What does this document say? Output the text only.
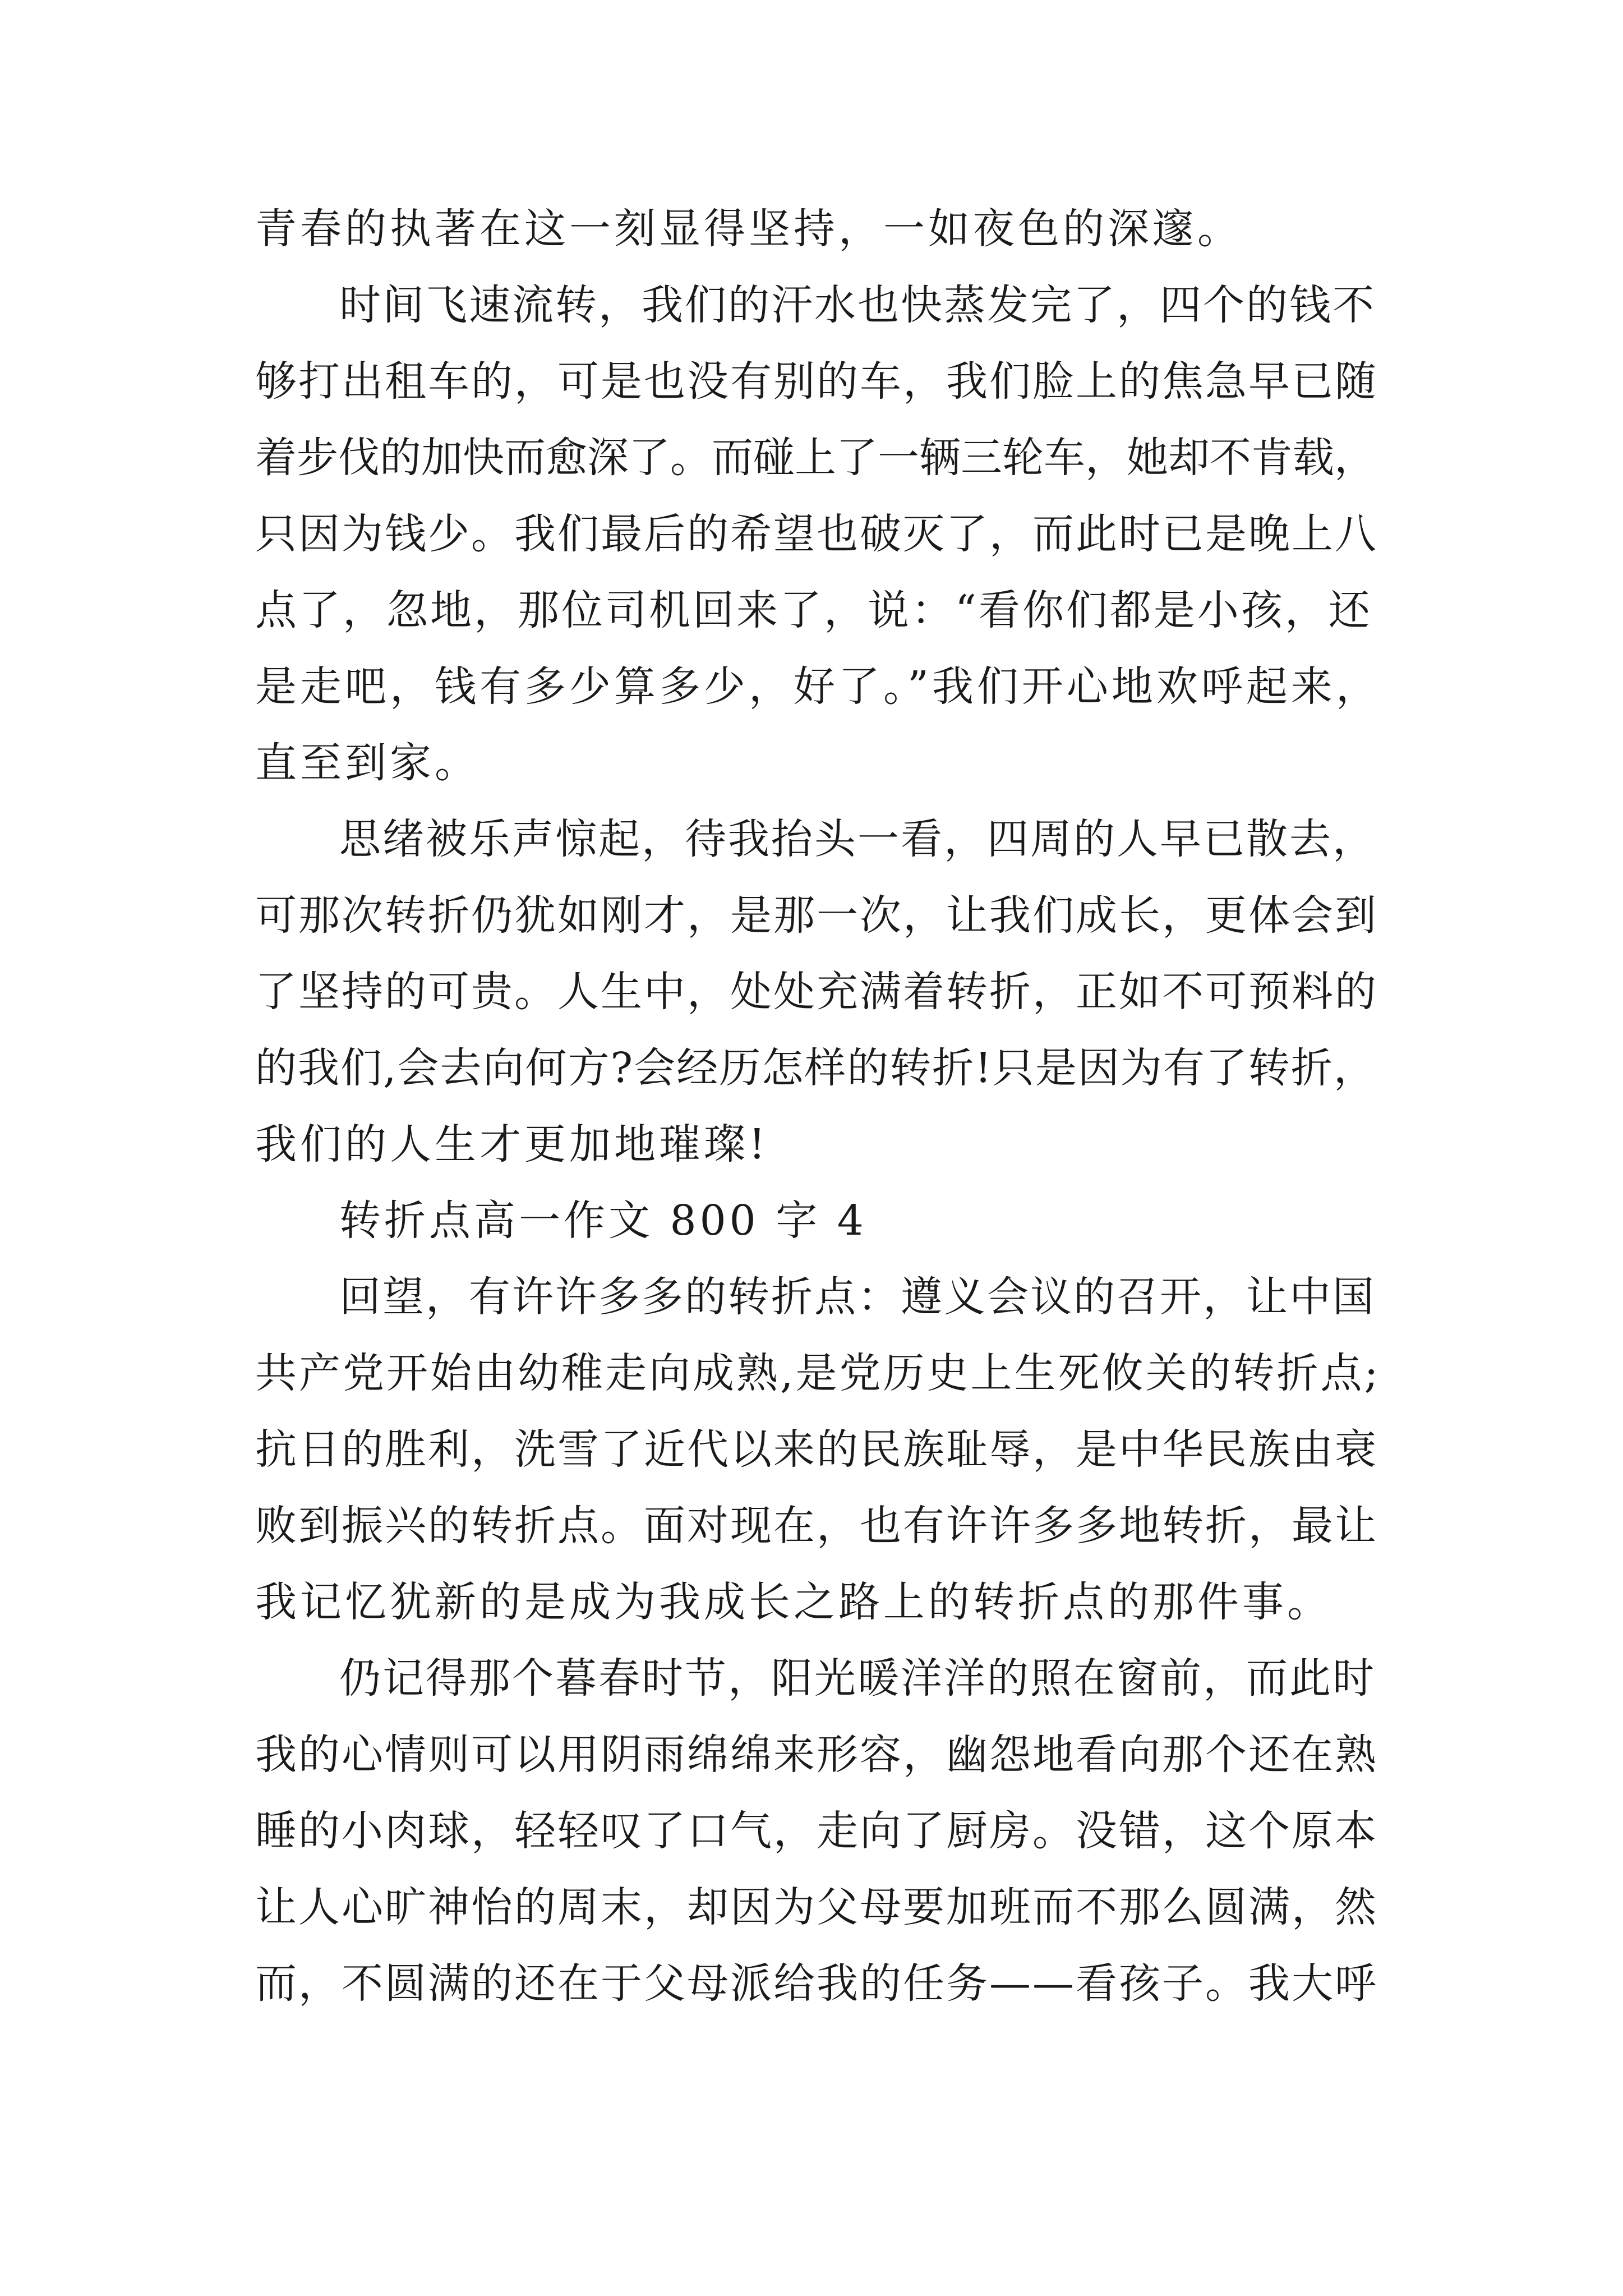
青春的执著在这一刻显得坚持，一如夜色的深邃。
时间飞速流转，我们的汗水也快蒸发完了，四个的钱不
够打出租车的，可是也没有别的车，我们脸上的焦急早已随
着步伐的加快而愈深了。而碰上了一辆三轮车，她却不肯载，
只因为钱少。我们最后的希望也破灭了，而此时已是晚上八
点了，忽地，那位司机回来了，说：“看你们都是小孩，还
是走吧，钱有多少算多少，好了。”我们开心地欢呼起来，
直至到家。
思绪被乐声惊起，待我抬头一看，四周的人早已散去，
可那次转折仍犹如刚才，是那一次，让我们成长，更体会到
了坚持的可贵。人生中，处处充满着转折，正如不可预料的
的我们,会去向何方?会经历怎样的转折!只是因为有了转折，
我们的人生才更加地璀璨!
转折点高一作文 800 字 4
回望，有许许多多的转折点：遵义会议的召开，让中国
共产党开始由幼稚走向成熟,是党历史上生死攸关的转折点;
抗日的胜利，洗雪了近代以来的民族耻辱，是中华民族由衰
败到振兴的转折点。面对现在，也有许许多多地转折，最让
我记忆犹新的是成为我成长之路上的转折点的那件事。
仍记得那个暮春时节，阳光暖洋洋的照在窗前，而此时
我的心情则可以用阴雨绵绵来形容，幽怨地看向那个还在熟
睡的小肉球，轻轻叹了口气，走向了厨房。没错，这个原本
让人心旷神怡的周末，却因为父母要加班而不那么圆满，然
而，不圆满的还在于父母派给我的任务——看孩子。我大呼
